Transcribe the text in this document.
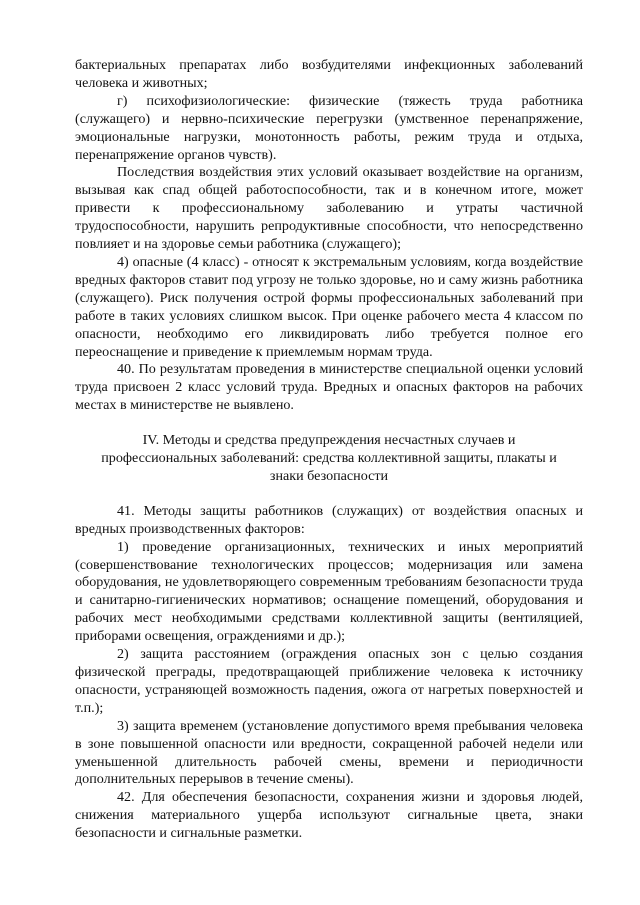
бактериальных препаратах либо возбудителями инфекционных заболеваний человека и животных;

г) психофизиологические: физические (тяжесть труда работника (служащего) и нервно-психические перегрузки (умственное перенапряжение, эмоциональные нагрузки, монотонность работы, режим труда и отдыха, перенапряжение органов чувств).

Последствия воздействия этих условий оказывает воздействие на организм, вызывая как спад общей работоспособности, так и в конечном итоге, может привести к профессиональному заболеванию и утраты частичной трудоспособности, нарушить репродуктивные способности, что непосредственно повлияет и на здоровье семьи работника (служащего);

4) опасные (4 класс) - относят к экстремальным условиям, когда воздействие вредных факторов ставит под угрозу не только здоровье, но и саму жизнь работника (служащего). Риск получения острой формы профессиональных заболеваний при работе в таких условиях слишком высок. При оценке рабочего места 4 классом по опасности, необходимо его ликвидировать либо требуется полное его переоснащение и приведение к приемлемым нормам труда.

40. По результатам проведения в министерстве специальной оценки условий труда присвоен 2 класс условий труда. Вредных и опасных факторов на рабочих местах в министерстве не выявлено.

IV. Методы и средства предупреждения несчастных случаев и профессиональных заболеваний: средства коллективной защиты, плакаты и знаки безопасности

41. Методы защиты работников (служащих) от воздействия опасных и вредных производственных факторов:

1) проведение организационных, технических и иных мероприятий (совершенствование технологических процессов; модернизация или замена оборудования, не удовлетворяющего современным требованиям безопасности труда и санитарно-гигиенических нормативов; оснащение помещений, оборудования и рабочих мест необходимыми средствами коллективной защиты (вентиляцией, приборами освещения, ограждениями и др.);

2) защита расстоянием (ограждения опасных зон с целью создания физической преграды, предотвращающей приближение человека к источнику опасности, устраняющей возможность падения, ожога от нагретых поверхностей и т.п.);

3) защита временем (установление допустимого время пребывания человека в зоне повышенной опасности или вредности, сокращенной рабочей недели или уменьшенной длительность рабочей смены, времени и периодичности дополнительных перерывов в течение смены).

42. Для обеспечения безопасности, сохранения жизни и здоровья людей, снижения материального ущерба используют сигнальные цвета, знаки безопасности и сигнальные разметки.
